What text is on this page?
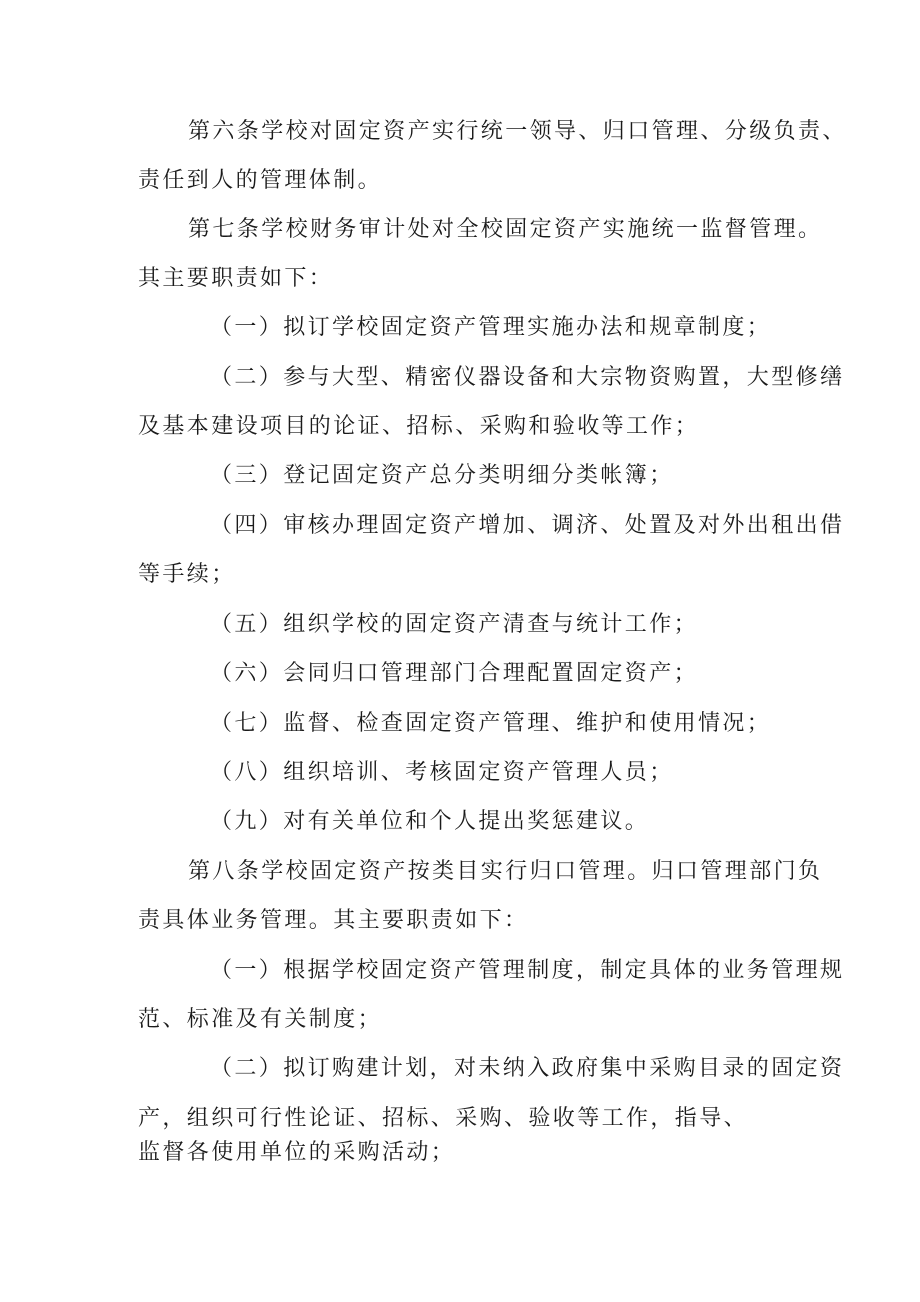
第六条学校对固定资产实行统一领导、归口管理、分级负责、

责任到人的管理体制。

第七条学校财务审计处对全校固定资产实施统一监督管理。

其主要职责如下：

（一）拟订学校固定资产管理实施办法和规章制度；

（二）参与大型、精密仪器设备和大宗物资购置，大型修缮

及基本建设项目的论证、招标、采购和验收等工作；

（三）登记固定资产总分类明细分类帐簿；

（四）审核办理固定资产增加、调济、处置及对外出租出借

等手续；

（五）组织学校的固定资产清查与统计工作；

（六）会同归口管理部门合理配置固定资产；

（七）监督、检查固定资产管理、维护和使用情况；

（八）组织培训、考核固定资产管理人员；

（九）对有关单位和个人提出奖惩建议。

第八条学校固定资产按类目实行归口管理。归口管理部门负

责具体业务管理。其主要职责如下：

（一）根据学校固定资产管理制度，制定具体的业务管理规

范、标准及有关制度；

（二）拟订购建计划，对未纳入政府集中采购目录的固定资

产，组织可行性论证、招标、采购、验收等工作，指导、

监督各使用单位的采购活动；
